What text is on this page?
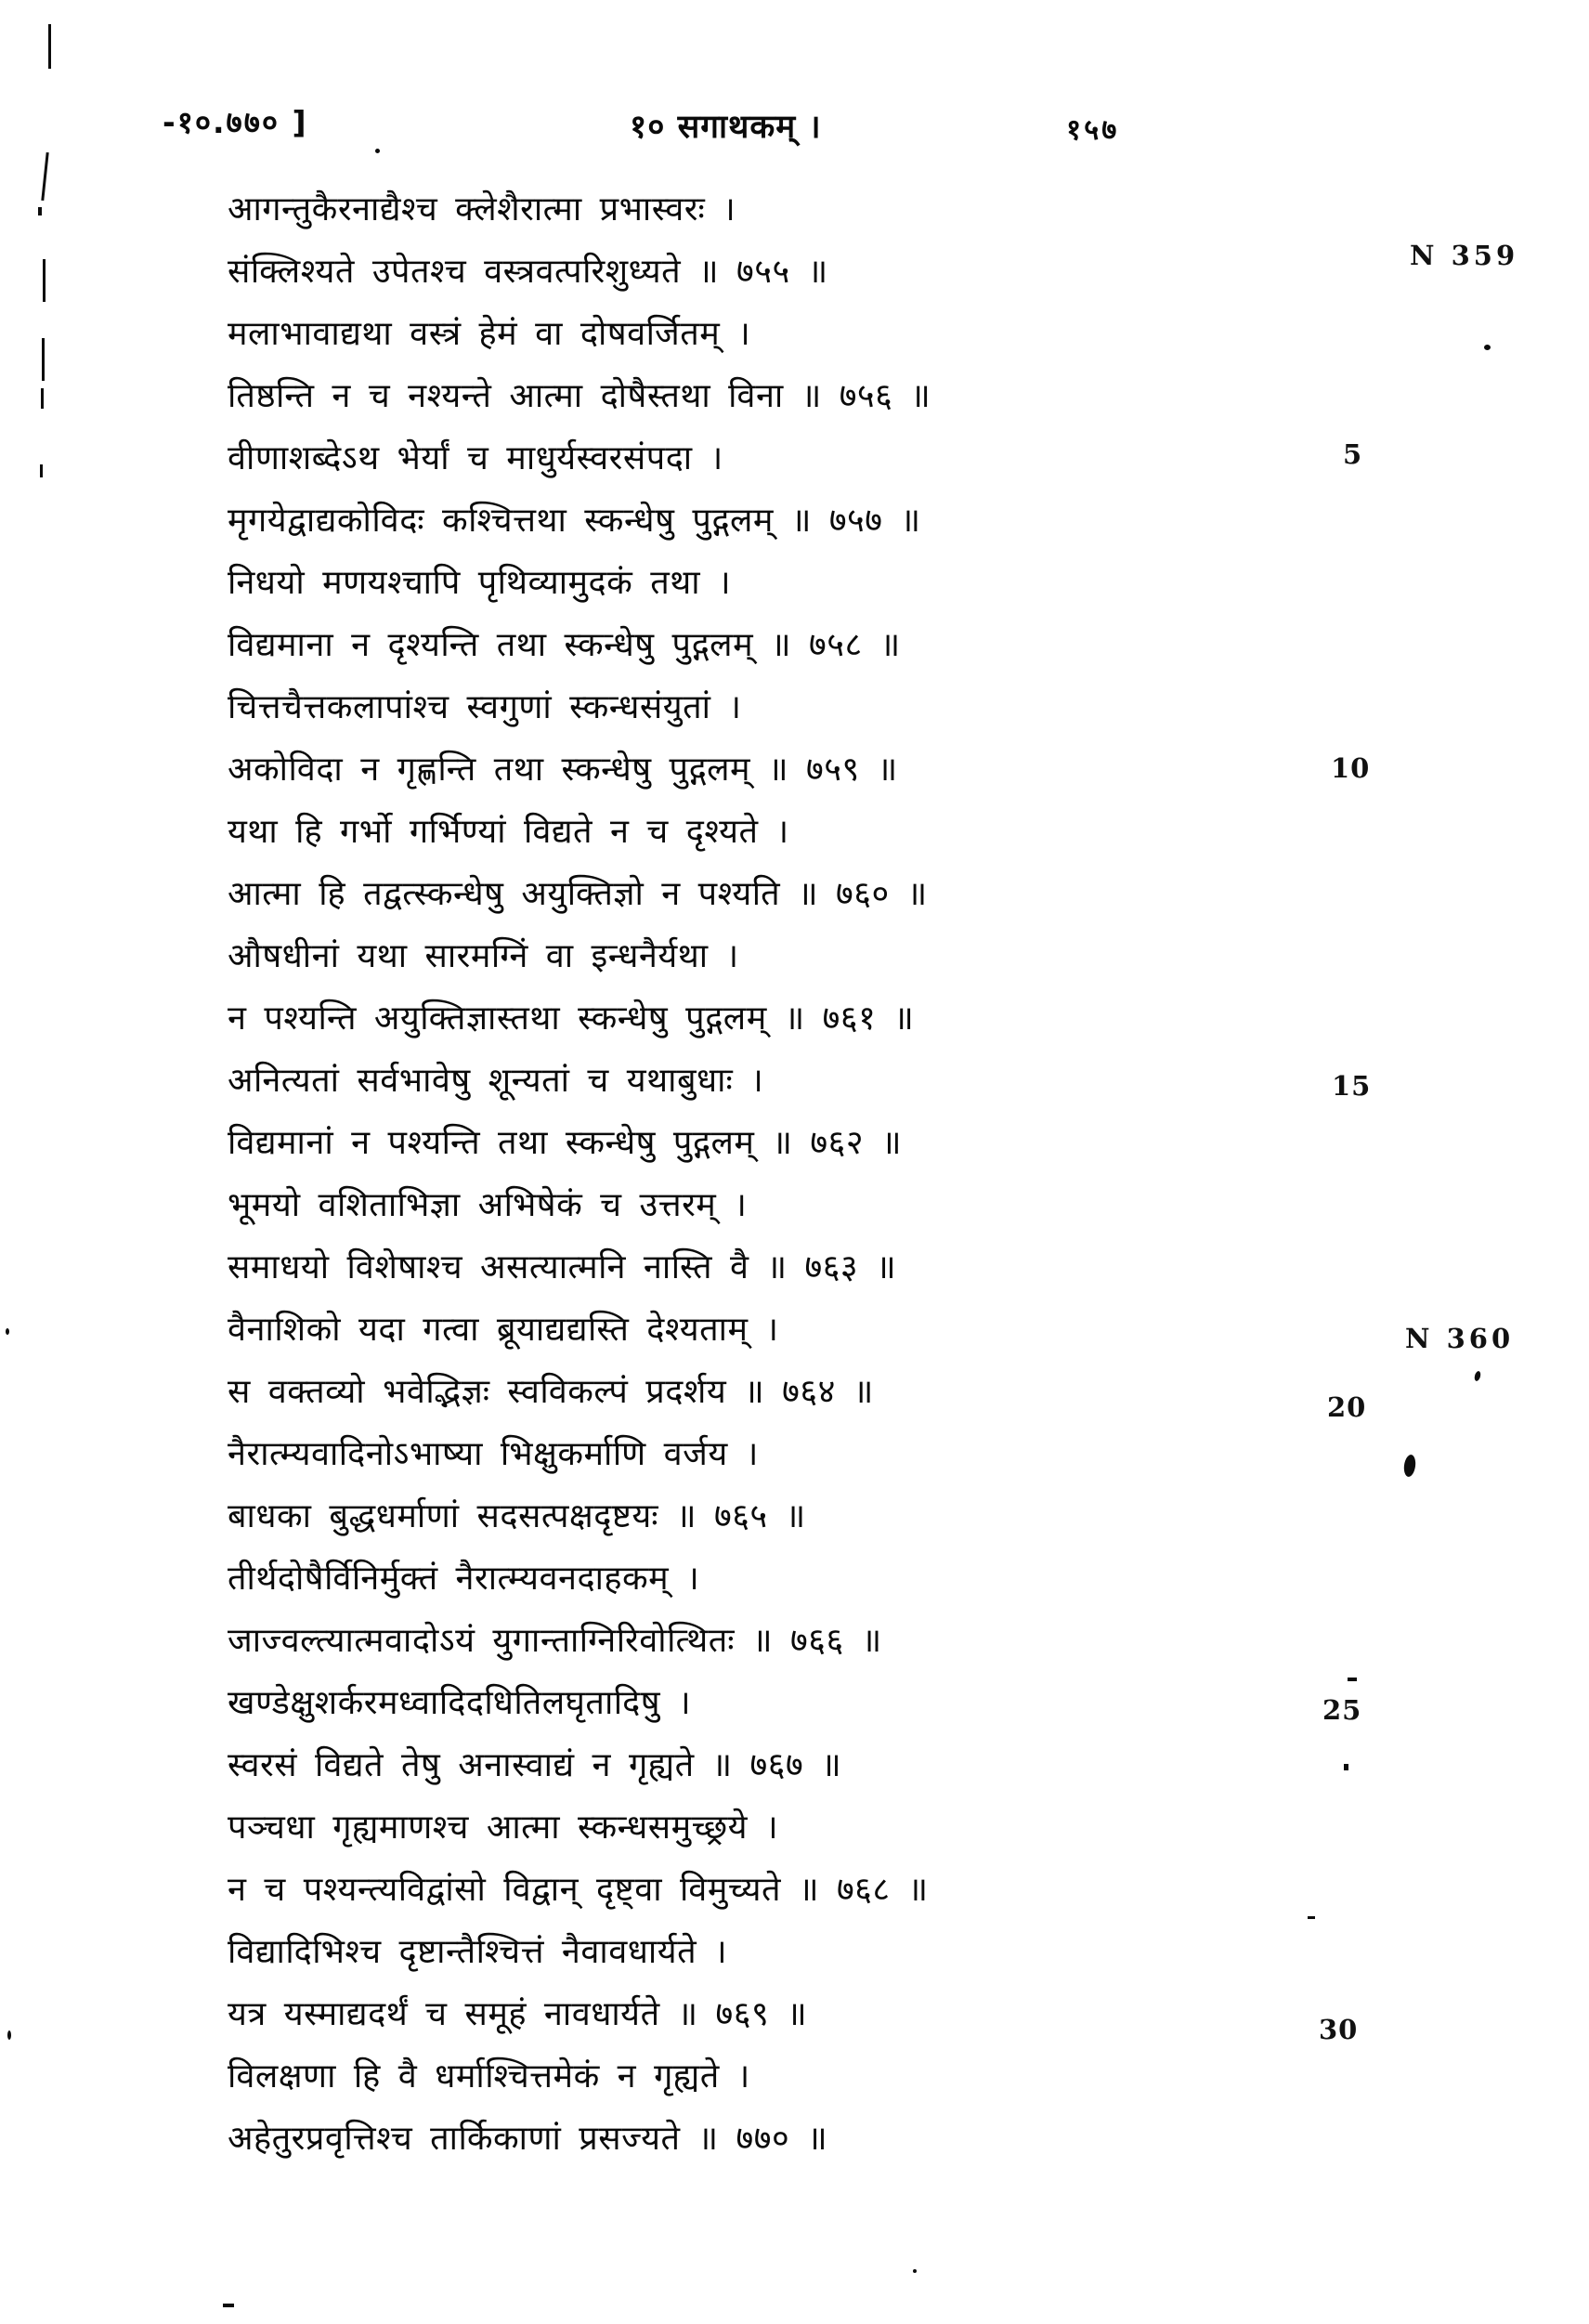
-१०.७७० ]	१० सगाथकम् ।	१५७
आगन्तुकैरनाद्यैश्च क्लेशैरात्मा प्रभास्वरः ।
संक्लिश्यते उपेतश्च वस्त्रवत्परिशुध्यते ॥ ७५५ ॥
मलाभावाद्यथा वस्त्रं हेमं वा दोषवर्जितम् ।
तिष्ठन्ति न च नश्यन्ते आत्मा दोषैस्तथा विना ॥ ७५६ ॥
वीणाशब्देऽथ भेर्यां च माधुर्यस्वरसंपदा ।
मृगयेद्वाद्यकोविदः कश्चित्तथा स्कन्धेषु पुद्गलम् ॥ ७५७ ॥
निधयो मणयश्चापि पृथिव्यामुदकं तथा ।
विद्यमाना न दृश्यन्ति तथा स्कन्धेषु पुद्गलम् ॥ ७५८ ॥
चित्तचैत्तकलापांश्च स्वगुणां स्कन्धसंयुतां ।
अकोविदा न गृह्णन्ति तथा स्कन्धेषु पुद्गलम् ॥ ७५९ ॥
यथा हि गर्भो गर्भिण्यां विद्यते न च दृश्यते ।
आत्मा हि तद्वत्स्कन्धेषु अयुक्तिज्ञो न पश्यति ॥ ७६० ॥
औषधीनां यथा सारमग्निं वा इन्धनैर्यथा ।
न पश्यन्ति अयुक्तिज्ञास्तथा स्कन्धेषु पुद्गलम् ॥ ७६१ ॥
अनित्यतां सर्वभावेषु शून्यतां च यथाबुधाः ।
विद्यमानां न पश्यन्ति तथा स्कन्धेषु पुद्गलम् ॥ ७६२ ॥
भूमयो वशिताभिज्ञा अभिषेकं च उत्तरम् ।
समाधयो विशेषाश्च असत्यात्मनि नास्ति वै ॥ ७६३ ॥
वैनाशिको यदा गत्वा ब्रूयाद्यद्यस्ति देश्यताम् ।
स वक्तव्यो भवेद्भिज्ञः स्वविकल्पं प्रदर्शय ॥ ७६४ ॥
नैरात्म्यवादिनोऽभाष्या भिक्षुकर्माणि वर्जय ।
बाधका बुद्धधर्माणां सदसत्पक्षदृष्टयः ॥ ७६५ ॥
तीर्थदोषैर्विनिर्मुक्तं नैरात्म्यवनदाहकम् ।
जाज्वल्त्यात्मवादोऽयं युगान्ताग्निरिवोत्थितः ॥ ७६६ ॥
खण्डेक्षुशर्करमध्वादिदधितिलघृतादिषु ।
स्वरसं विद्यते तेषु अनास्वाद्यं न गृह्यते ॥ ७६७ ॥
पञ्चधा गृह्यमाणश्च आत्मा स्कन्धसमुच्छ्रये ।
न च पश्यन्त्यविद्वांसो विद्वान् दृष्ट्वा विमुच्यते ॥ ७६८ ॥
विद्यादिभिश्च दृष्टान्तैश्चित्तं नैवावधार्यते ।
यत्र यस्माद्यदर्थं च समूहं नावधार्यते ॥ ७६९ ॥
विलक्षणा हि वै धर्माश्चित्तमेकं न गृह्यते ।
अहेतुरप्रवृत्तिश्च तार्किकाणां प्रसज्यते ॥ ७७० ॥
N 359
5
10
15
N 360
20
25
30
